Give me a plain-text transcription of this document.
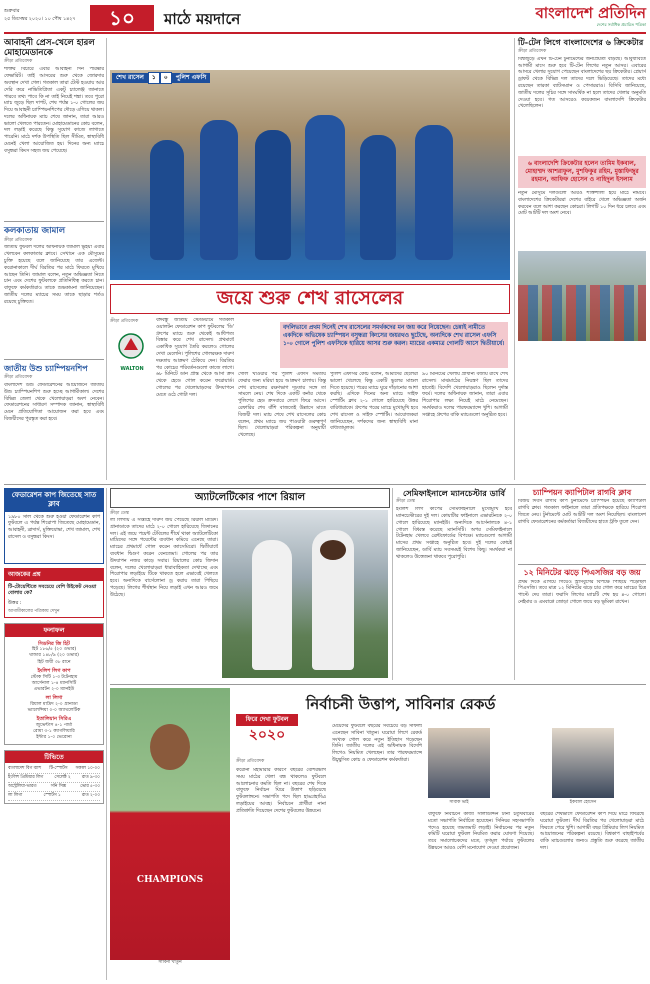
শুক্রবার
২৫ ডিসেম্বর ২০২০। ১০ পৌষ ১৪২৭	১০	মাঠে ময়দানে	বাংলাদেশ প্রতিদিন
দেশের সর্বাধিক প্রচারিত পত্রিকা
আবাহনী প্রেস-খেলে হারল মোহামেডানকে
ক্রীড়া প্রতিবেদক
শক্তির বিচারে এবার আবাহনী দিন পরিষ্কার ফেভারিট। তাই আসরের শুরু থেকে জোরদার অবস্থান দেখা গেল। গতকাল তারা টেস্ট হওয়ায় আর দেরি করে নাভিতিপ্রিতা একটু চ্যালেঞ্জ জানাতে পারবে তথ্য পাবে কি না তাই নিয়েই শঙ্কা। তবে পুরো ম্যাচ জুড়ে ছিল দাপট, শেষ পর্যন্ত ১-০ গোলের জয় দিয়ে আবাহনী চ্যাম্পিয়নশিপের দৌড়ে এগিয়ে থাকল। দলের অধিনায়ক ম্যাচ শেষে জানান, তারা আরও ভালো খেলতে পারতেন। মোহামেডানের কোচ বলেন, দল লড়াই করেছে কিন্তু সুযোগ কাজে লাগাতে পারেনি। মাঠে দর্শক উপস্থিতি ছিল সীমিত, স্বাস্থ্যবিধি মেনেই খেলা আয়োজিত হয়। দিনের অন্য ম্যাচে বসুন্ধরা কিংস সহজ জয় পেয়েছে।
কলকাতায় জামাল
ক্রীড়া প্রতিবেদক
জাতীয় ফুটবল দলের অধিনায়ক জামাল ভূঁইয়া এবার খেলবেন কলকাতার ক্লাবে। সেখানে এক মৌসুমের চুক্তি হয়েছে বলে জানিয়েছে তার এজেন্ট। করোনাকালে দীর্ঘ বিরতির পর মাঠে ফিরতে মুখিয়ে আছেন তিনি। জামাল বলেন, নতুন অভিজ্ঞতা নিতে চান এবং দেশের ফুটবলকে প্রতিনিধিত্ব করতে চান। বাফুফে কর্মকর্তারাও তাকে শুভকামনা জানিয়েছেন। জাতীয় দলের ম্যাচের সময় তাকে ছাড়ার শর্তও রয়েছে চুক্তিতে।
জাতীয় উশু চ্যাম্পিয়নশিপ
ক্রীড়া প্রতিবেদক
বাংলাদেশ উশু ফেডারেশনের আয়োজনে জাতীয় উশু চ্যাম্পিয়নশিপ শুরু হচ্ছে আগামীকাল। দেশের বিভিন্ন জেলা থেকে খেলোয়াড়রা অংশ নেবেন। ফেডারেশনের সাধারণ সম্পাদক জানান, স্বাস্থ্যবিধি মেনে প্রতিযোগিতা আয়োজন করা হবে এবং বিজয়ীদের পুরস্কৃত করা হবে।
শেখ রাসেল	১	০	পুলিশ এফসি
জয়ে শুরু শেখ রাসেলের
ক্রীড়া প্রতিবেদক
WALTON
বদলিভাবে প্রথম দিনেই শেখ রাসেলের সমর্থকদের মন জয় করে নিয়েছেন। চেন্নাই নামীতে একদিকে অভিষেক চ্যাম্পিয়ন বসুন্ধরা কিংসের জয়রথও ছুটেছে, অন্যদিকে শেখ রাসেল এফসি ১-০ গোলে পুলিশ এফসিকে হারিয়ে আসর শুরু করল। ম্যাচের একমাত্র গোলটি আসে দ্বিতীয়ার্ধে।
বঙ্গবন্ধু জাতীয় স্টেডিয়ামে গতকাল ওয়ালটন ফেডারেশন কাপ ফুটবলের 'ডি' গ্রুপের ম্যাচে শুরু থেকেই আধিপত্য বিস্তার করে শেখ রাসেল। প্রথমার্ধে একাধিক সুযোগ তৈরি করলেও গোলের দেখা মেলেনি। পুলিশের গোলরক্ষক দারুণ দক্ষতায় আক্রমণ ঠেকিয়ে দেন। বিরতির পর কোচের পরিবর্তনগুলো কাজে লাগে। ৬৮ মিনিটে ডান প্রান্ত থেকে আসা ক্রস থেকে হেডে গোল করেন ফরোয়ার্ড। গোলের পর খেলোয়াড়দের উদযাপনে মেতে ওঠে গোটা দল।
গোল খাওয়ার পর পুলিশ এফসি সমতায় ফেরার জন্য মরিয়া হয়ে আক্রমণ চালায়। কিন্তু শেখ রাসেলের রক্ষণভাগ দৃঢ়তার সঙ্গে তা সামলে নেয়। শেষ দিকে একটি কর্নার থেকে পুলিশের হেড ক্রসবারে লেগে ফিরে আসে। রেফারির শেষ বাঁশি বাজতেই উল্লাসে মাতে বিজয়ী দল। ম্যাচ শেষে শেখ রাসেলের কোচ বলেন, প্রথম ম্যাচে জয় পাওয়াটা গুরুত্বপূর্ণ ছিল। খেলোয়াড়রা পরিকল্পনা অনুযায়ী খেলেছে।
পুলিশ এফসির কোচ বলেন, আমাদের ছেলেরা ভালো খেলেছে কিন্তু একটি ভুলের মাশুল দিতে হয়েছে। পরের ম্যাচে ঘুরে দাঁড়ানোর আশা করছি। এদিকে দিনের অন্য ম্যাচে সাইফ স্পোর্টিং ক্লাব ২-১ গোলে হারিয়েছে উত্তর বারিধারাকে। গ্রুপের পরের ম্যাচে মুখোমুখি হবে শেখ রাসেল ও সাইফ স্পোর্টিং। আয়োজকরা জানিয়েছেন, দর্শকদের জন্য স্বাস্থ্যবিধি মানা বাধ্যতামূলক।
৯০ মিনিটের খেলায় প্রাধান্য বজায় রাখে শেখ রাসেল। মাঝমাঠের নিয়ন্ত্রণ ছিল তাদের হাতেই। বিদেশি খেলোয়াড়রাও ছিলেন দুর্দান্ত ফর্মে। দলের অধিনায়ক জানান, তারা এবার শিরোপার লক্ষ্য নিয়েই মাঠে নেমেছেন। সমর্থকরাও দলের পারফরম্যান্সে খুশি। আগামী সপ্তাহে গ্রুপের বাকি ম্যাচগুলো অনুষ্ঠিত হবে।
টি-টেন লিগে বাংলাদেশের ৬ ক্রিকেটার
ক্রীড়া প্রতিবেদক
বিশ্বজুড়ে এখন টি-টেন টুর্নামেন্টের জনপ্রিয়তা বাড়ছে। আবুধাবিতে আগামী মাসে শুরু হবে টি-টেন লিগের নতুন আসর। এবারের আসরে খেলার সুযোগ পেয়েছেন বাংলাদেশের ছয় ক্রিকেটার। প্লেয়ার্স ড্রাফট থেকে বিভিন্ন দল তাদের দলে ভিড়িয়েছে। তাদের মধ্যে রয়েছেন তারকা ব্যাটসম্যান ও পেসাররাও। বিসিবি জানিয়েছে, জাতীয় দলের সূচির সঙ্গে সাংঘর্ষিক না হলে তাদের খেলার অনুমতি দেওয়া হবে। গত আসরেও কয়েকজন বাংলাদেশি ক্রিকেটার খেলেছিলেন।
৬ বাংলাদেশি ক্রিকেটার হলেন তামিম ইকবাল, মোহাম্মদ আশরাফুল, মুশফিকুর রহিম, মুস্তাফিজুর রহমান, আফিফ হোসেন ও নাহিদুল ইসলাম
নতুন মৌসুমে দলগুলো আরও শক্তিশালী হয়ে মাঠে নামবে। বাংলাদেশের ক্রিকেটাররা দেশের বাইরে খেলে অভিজ্ঞতা অর্জন করবেন বলে আশা করছেন কোচরা। লিগটি ১০ দিন ধরে চলবে এবং মোট আটটি দল অংশ নেবে।
ফেডারেশন কাপ জিতেছে সাত ক্লাব
১৯৮০ সাল থেকে শুরু হওয়া ফেডারেশন কাপ ফুটবলে এ পর্যন্ত শিরোপা জিতেছে মোহামেডান, আবাহনী, ব্রাদার্স, মুক্তিযোদ্ধা, শেখ জামাল, শেখ রাসেল ও বসুন্ধরা কিংস।
আজকের প্রশ্ন
টি-টোয়েন্টিতে সবচেয়ে বেশি উইকেট নেওয়া বোলার কে?
উত্তর :
আগামীকালের পত্রিকায় দেখুন
ফলাফল
সিডনির জি হিট
হিট ১৮৬/৫ (২০ ওভার)
থান্ডার ১৪৮/৯ (২০ ওভার)
হিট জয়ী ৩৮ রানে
ইংলিশ লিগ কাপ
স্টোক সিটি ১-৩ টটেনহাম
আর্সেনাল ১-৪ ম্যানসিটি
এভারটন ২-০ ম্যানইউ
লা লিগা
রিয়াল মাদ্রিদ ২-০ গ্রানাডা
ভ্যালেন্সিয়া ০-০ অ্যাথলেটিক
ইতালিয়ান সিরিএ
জুভেন্টাস ৪-১ পার্মা
রোমা ৩-১ ক্যাগলিয়ারি
ইন্টার ১-০ ভেরোনা
টিভিতে
বাংলাদেশ বিগ ব্যাশ টি-স্পোর্টস সকাল ১০-০০
ইংলিশ প্রিমিয়ার লিগ	সেলেক্ট ২	রাত ৯-৩০
অস্ট্রেলিয়া-ভারত	সনি সিক্স	ভোর ৫-৩০
লা লিগা	স্পোর্টস ১	রাত ২-০০
অ্যাটলেটিকোর পাশে রিয়াল
ক্রীড়া ডেস্ক
লা লিগায় এ সপ্তাহে দারুণ জয় পেয়েছে রিয়াল মাদ্রিদ। গ্রানাডাকে তাদের মাঠে ২-০ গোলে হারিয়েছে জিদানের দল। এই জয়ে পয়েন্ট টেবিলের শীর্ষে থাকা অ্যাটলেটিকো মাদ্রিদের সঙ্গে পয়েন্টের ব্যবধান কমিয়ে এনেছে তারা। ম্যাচের প্রথমার্ধে গোল করেন ক্যাসেমিরো। দ্বিতীয়ার্ধে ব্যবধান দ্বিগুণ করেন বেনজেমা। গোলের পর তার উদযাপন নজর কাড়ে সবার। রিয়ালের কোচ জিদান বলেন, দলের খেলোয়াড়রা ধারাবাহিকতা দেখাচ্ছে এবং শিরোপার লড়াইয়ে টিকে থাকতে হলে এভাবেই খেলতে হবে। অন্যদিকে বার্সেলোনা ড্র করায় তারা পিছিয়ে পড়েছে। লিগের শীর্ষস্থান নিয়ে লড়াই এখন আরও জমে উঠেছে।
সেমিফাইনালে ম্যানচেস্টার ডার্বি
ক্রীড়া ডেস্ক
ইংলিশ লিগ কাপের সেমিফাইনালে মুখোমুখি হবে ম্যানচেস্টারের দুই দল। কোয়ার্টার ফাইনালে এভারটনকে ২-০ গোলে হারিয়েছে ম্যানইউ। অন্যদিকে আর্সেনালকে ৪-১ গোলে বিধ্বস্ত করেছে ম্যানসিটি। অপর সেমিফাইনালে টটেনহাম খেলবে ব্রেন্টফোর্ডের বিপক্ষে। ম্যাচগুলো আগামী মাসের প্রথম সপ্তাহে অনুষ্ঠিত হবে। দুই দলের কোচই জানিয়েছেন, ডার্বি ম্যাচ সবসময়ই বিশেষ কিছু। সমর্থকরা না থাকলেও উত্তেজনা থাকবে পুরোপুরি।
চ্যাম্পিয়ন ক্যাপিটাল রাগবি ক্লাব
বিজয় দিবস রাগবি কাপ টুর্নামেন্টে চ্যাম্পিয়ন হয়েছে ক্যাপিটাল রাগবি ক্লাব। গতকাল ফাইনালে তারা প্রতিপক্ষকে হারিয়ে শিরোপা জিতে নেয়। টুর্নামেন্টে মোট আটটি দল অংশ নিয়েছিল। বাংলাদেশ রাগবি ফেডারেশনের কর্মকর্তারা বিজয়ীদের হাতে ট্রফি তুলে দেন।
১২ মিনিটের ঝড়ে পিএসজির বড় জয়
প্রথম দিকে এগিয়ে গিয়েও স্ট্রাসবুর্গের বিপক্ষে পিছিয়ে পড়েছিল পিএসজি। তবে মাত্র ১২ মিনিটের ঝড়ে চার গোল করে ম্যাচের চিত্র পাল্টে দেয় তারা। ফরাসি লিগের ম্যাচটি শেষ হয় ৪-০ গোলে। নেইমার ও এমবাপ্পে জোড়া গোলে জয়ে বড় ভূমিকা রাখেন।
CHAMPIONS
সাবিনা খাতুন
ফিরে দেখা ফুটবল
২০২০
নির্বাচনী উত্তাপ, সাবিনার রেকর্ড
ক্রীড়া প্রতিবেদক
করোনা মহামারীর কারণে বছরের বেশিরভাগ সময় মাঠের খেলা বন্ধ থাকলেও ফুটবলে আলোচনার কমতি ছিল না। বছরের শেষ দিকে বাফুফে নির্বাচন ঘিরে উত্তাপ ছড়িয়েছে ফুটবলাঙ্গনে। সভাপতি পদে ছিল হাড্ডাহাড্ডি লড়াইয়ের আবহ। নির্বাচনে প্রার্থীরা নানা প্রতিশ্রুতি দিয়েছেন দেশের ফুটবলের উন্নয়নে।
মেয়েদের ফুটবলে বছরের সবচেয়ে বড় সাফল্য এনেছেন সাবিনা খাতুন। ঘরোয়া লিগে রেকর্ড সংখ্যক গোল করে নতুন ইতিহাস গড়েছেন তিনি। জাতীয় দলের এই অধিনায়ক বিদেশি লিগেও নিয়মিত খেলছেন। তার পারফরম্যান্সে উচ্ছ্বসিত কোচ ও ফেডারেশন কর্মকর্তারা।
সাবাক ভাই	ইকবাল হোসেন
বাফুফে নির্বাচনে কাজী সালাউদ্দিন টানা চতুর্থবারের মতো সভাপতি নির্বাচিত হয়েছেন। সিনিয়র সহসভাপতি পদেও হয়েছে জমজমাট লড়াই। নির্বাচনের পর নতুন কমিটি ঘরোয়া ফুটবল নিয়মিত করার ঘোষণা দিয়েছে। তবে সমালোচকদের মতে, তৃণমূল পর্যায়ে ফুটবলের উন্নয়নে আরও বেশি মনোযোগ দেওয়া প্রয়োজন।
বছরের শেষভাগে ফেডারেশন কাপ দিয়ে মাঠে ফিরেছে ঘরোয়া ফুটবল। দীর্ঘ বিরতির পর খেলোয়াড়রা মাঠে ফিরতে পেরে খুশি। আগামী বছর প্রিমিয়ার লিগ নিয়মিত আয়োজনের পরিকল্পনা রয়েছে। বিশ্বকাপ বাছাইপর্বের বাকি ম্যাচগুলোর জন্যও প্রস্তুতি শুরু করেছে জাতীয় দল।
